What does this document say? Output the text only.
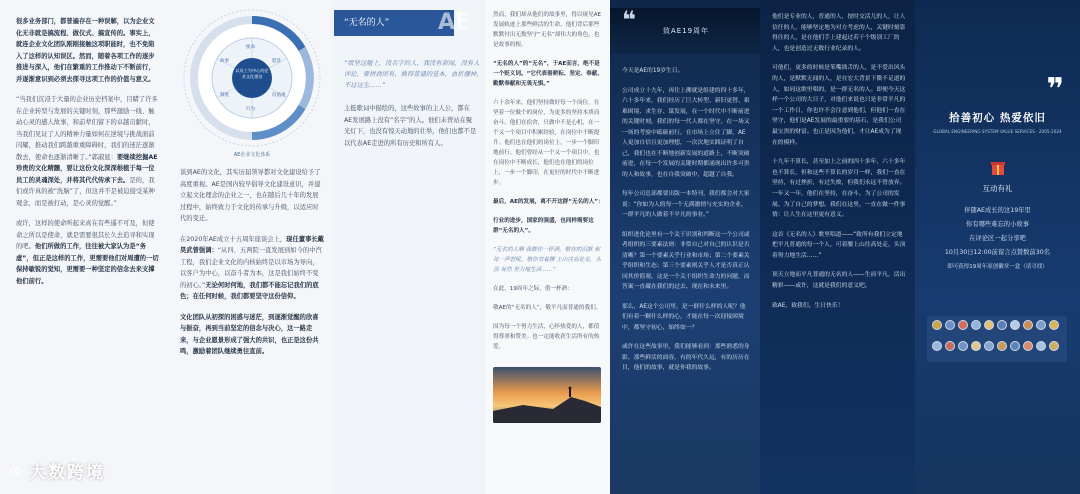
很多业务部门，都普遍存在一种误解，以为企业文化无非就是搞流程、做仪式、搞宣传的。事实上，就连企业文化团队刚刚接触这项职能时，也不免陷入了这样的认知误区。然而，随着各项工作的逐步推进与深入，他们在繁重的工作推动下不断前行，并逐渐意识到必须去探寻这项工作的价值与意义。

“当我们沉浸于大量的企业历史档案中，目睹了许多在企业转型与发展的关键时刻，那些激励一线、触动心灵的感人故事，和前辈们留下的卓越贡献时，当我们见证了人的精神力量如何在逆境与挑战面前闪耀，推动我们跨越重重障碍时，我们的迷茫逐渐散去，使命也逐渐清晰了。”郭淑显：要继续挖掘AE珍贵的文化精髓，要让这份文化深深根植于每一位员工的灵魂深处，并将其代代传承下去。是的，我们或许真的被“洗脑”了，但这并不是被迫接受某种观念，而是被打动，是心灵的觉醒。”

或许，这样的使命听起来真在有些遥不可及，但使命之所以是使命，就是需要很其长久去追寻和实现的吧。他们所做的工作，往往被大家认为是“务虚”，但正是这样的工作，更需要他们对周遭的一切保持敏锐的觉知，更需要一种坚定的信念去来支撑他们前行。

以员工为中心的企业文化建设
使命
愿景
价值观
行为
制度
故事
AE企业文化体系

谈到AE的文化，其实历届领导都对文化建设给予了高度重视。AE是国内较早倡导文化建设意识，并建立起文化理念的企业之一，也在随后几十年的发展过程中，始终致力于文化的传承与升级，以适应时代的变迁。

在2020年AE成立十五周年座谈会上，现任董事长戴昊武曾强调：“从四、五两院一直发展到如今的中汽工程，我们企业文化的内核始终是以市场为导向，以客户为中心，以奋斗者为本，这是我们始终不变的初心。”无论何时何地，我们都不能忘记我们的底色；在任何时候，我们都要坚守这份信仰。

文化团队从初探的困惑与迷茫，到逐渐觉醒的欣喜与振奋，再到当前坚定的信念与决心，这一路走来，与企业愿景形成了强大的共识，也正是这份共鸣，激励着团队继续勇往直前。

“无名的人” AE
“我坚这题上，没名字的人，我没有新闻，没有人评论，要拼劲所有，换得普通的基本，血折骤神，不过这生……”

主挺歌词中描绘的，这些故事的主人公，都在AE发展路上没有“名字”的人。他们未曾站在聚光灯下，也没有惊天动地的壮举，他们也都不是以代表AE走进的所有历史和所有人。

然而，我们却从他们的故事里，得以窥见AE发展轨迹上那些鲜活的生命，他们背后那些默默付出无数坚守“无名”却伟大的角色，也是故事的根。

“无名的人”的“无名”，于AE而言，绝不是一个贬义词。“它代表着耕耘、坚定、奉献、勤默奉献和无畏无惧。”

六十余年来，他们坚持做好每一个岗位，在坚着一位做个的岗位，为更多的坚持本质而奋斗。他们在宿舍，只做中不是心机，在一个又一个项目中积累经验，在岗位中不断提升。他们也在他们的岗位上，一步一个脚印地前行。他们曾经从一个又一个项目中，也在岗位中不断成长，他们也在他们的岗位上，一步一个脚印，在更好的时代中不断进步。

最后，AE的发展，离不开这群“无名的人”：

行业的进步，国家的强盛，也同样需要这群“无名的人”。

“无名的人啊 我敬你一杯酒，敬你的沉默 和每一声怒吼，敬你弯着腰 上山往高处走，头顶 有烈 努力地生活……”

在此，19周年之际，借一杯酒：

敬AE的“无名的人”，敬平凡而普通的我们。

因为每一个努力生活，心怀热爱的人，都值得尊重和赞美。也一定能收获生活所有的热爱。

❝	致AE19周年

今天是AE的19岁生日。

公司成立十九年，再往上溯就是组建的四十多年，六十多年来，我们经历了巨大转型、新旧更替、艰难困境、求生存、谋发展，在一个时代中不断前进的关键时刻，我们的每一代人都在坚守，在一场又一场的考验中砥砺前行，在市场上立住了脚，AE人更加自信且更加理想，一次次地实践证明了自己，我们也在不断地创新发展的道路上，不断突破前进，在每一个发展的关键时期都涌现出许多可贵的人和故事，也在自我突破中，超越了自我。

每年公司总部都要出版一本特刊，我们都会对大家说：“你如为人的每一个无满激情与充实的企业，一群平凡的人做着不平凡的事业。”

组织进化论里有一个关于识别和判断这一个公司或者组织的三要素法则：非常自己对自己的认识是否清晰？第一个要素关乎行业和市场；第二个要素关乎组织和生态；第三个要素则关乎人才是否真正认同其价值观。这是一个关于组织生命力的问题，而答案一直藏在我们的过去、现在和未来里。

那么，AE这个公司里，是一群什么样的人呢？他们有着一颗什么样的心，才能在每一次迎接困境中，都坚守初心，始终如一？

或许在这些故事里，我们能够看到：那些熟悉的身影、那些鲜活的面容，有的年代久远，有的历历在目，他们的故事，就是你我的故事。

他们是专业的人，普通的人，按时交活儿的人，让人信任的人，能够坚定地为对方考虑的人，关键时刻靠得住的人，是在他们手上建起过若干个级别工厂的人，也是创造过无数行业纪录的人。

可他们，更多的时候是笨嘴拙舌的人，是不爱出风头的人，是默默无闻的人，是在宏大背景下微不足道的人，如同这歌里唱的，是一群无名的人。即便今天这样一个公司的大日子，对他们来说也只是非常平凡的一个工作日，你也许不会注意到他们，但他们一直在坚守，他们是AE发展的最重要的基石，是我们公司最宝贵的财富。也正是因为他们，才让AE成为了现在的模样。

十九年不算长，甚至加上之前的四十多年、六十多年也不算长，但和这些不算长的岁月一样，我们一直在坚持，有过挫折，有过失败，但我们永远不曾放弃。一年又一年，他们在坚持，在奋斗，为了公司的发展、为了自己的梦想。我们在这里，一直在做一件事情：让人生在这里更有意义。

这首《无名的人》歌里唱道——“致所有我们立定地把平凡普通的每一个人，可着腰上山往高处走，头顶着努力地生活……”

顶天立地而平凡普通的无名的人——生而平凡，活出精彩——或许，这就是我们的意义吧。

致AE，致我们，生日快乐！

❞
拾善初心 热爱依旧
GLOBAL ENGINEERING SYSTEM VALUE SERVICES · 2005-2024
互动有礼
伴随AE成长的这19年里
你有哪些难忘的小故事
在评论区一起分享吧
10月30日12:00前留言点赞数前30名
即可获得19周年原创徽章一盒（请寻找）
∞ 大数跨境
